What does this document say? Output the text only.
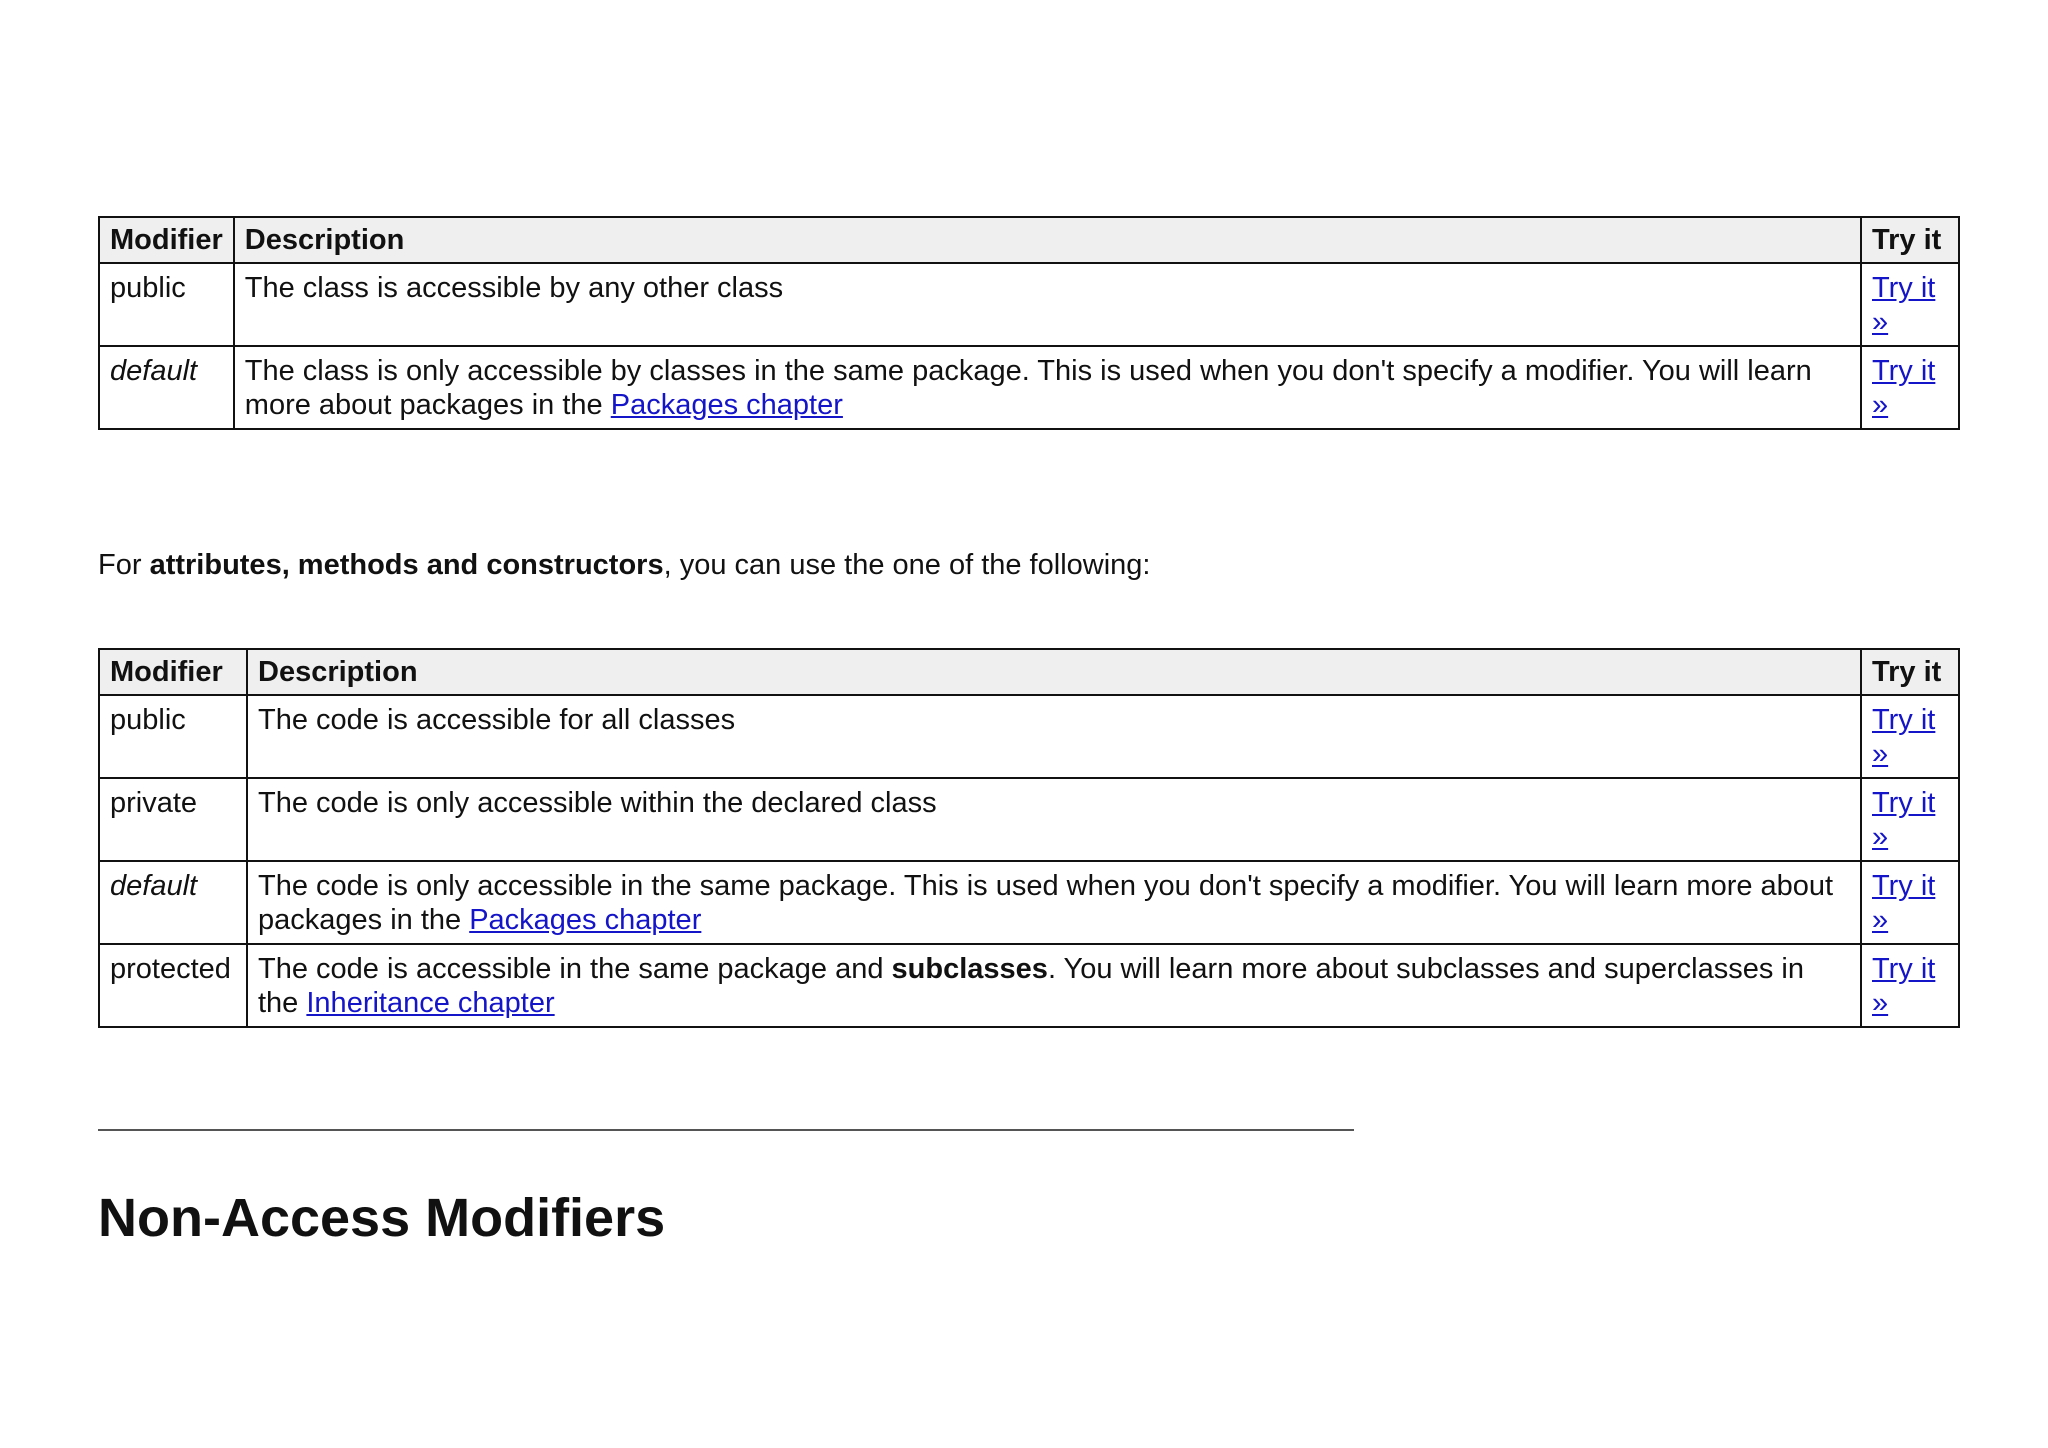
Modifier	Description	Try it
public	The class is accessible by any other class	Try it »
default	The class is only accessible by classes in the same package. This is used when you don't specify a modifier. You will learn more about packages in the Packages chapter	Try it »

For attributes, methods and constructors, you can use the one of the following:

Modifier	Description	Try it
public	The code is accessible for all classes	Try it »
private	The code is only accessible within the declared class	Try it »
default	The code is only accessible in the same package. This is used when you don't specify a modifier. You will learn more about packages in the Packages chapter	Try it »
protected	The code is accessible in the same package and subclasses. You will learn more about subclasses and superclasses in the Inheritance chapter	Try it »
Non-Access Modifiers
